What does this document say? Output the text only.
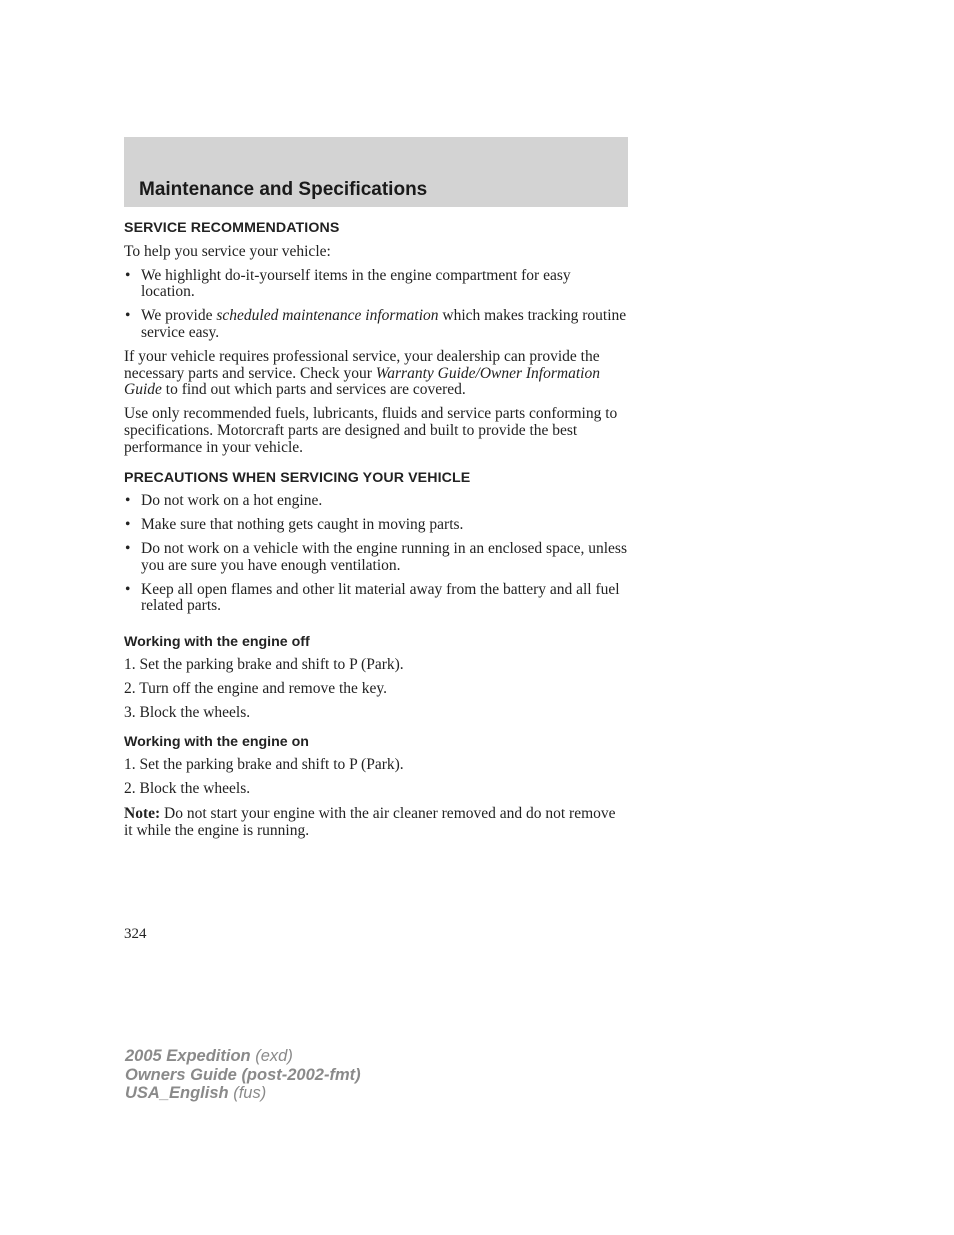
Maintenance and Specifications
SERVICE RECOMMENDATIONS

To help you service your vehicle:

• We highlight do-it-yourself items in the engine compartment for easy location.
• We provide scheduled maintenance information which makes tracking routine service easy.

If your vehicle requires professional service, your dealership can provide the necessary parts and service. Check your Warranty Guide/Owner Information Guide to find out which parts and services are covered.

Use only recommended fuels, lubricants, fluids and service parts conforming to specifications. Motorcraft parts are designed and built to provide the best performance in your vehicle.

PRECAUTIONS WHEN SERVICING YOUR VEHICLE
• Do not work on a hot engine.
• Make sure that nothing gets caught in moving parts.
• Do not work on a vehicle with the engine running in an enclosed space, unless you are sure you have enough ventilation.
• Keep all open flames and other lit material away from the battery and all fuel related parts.
Working with the engine off
1. Set the parking brake and shift to P (Park).
2. Turn off the engine and remove the key.
3. Block the wheels.
Working with the engine on
1. Set the parking brake and shift to P (Park).
2. Block the wheels.

Note: Do not start your engine with the air cleaner removed and do not remove it while the engine is running.

324
2005 Expedition (exd)
Owners Guide (post-2002-fmt)
USA_English (fus)
